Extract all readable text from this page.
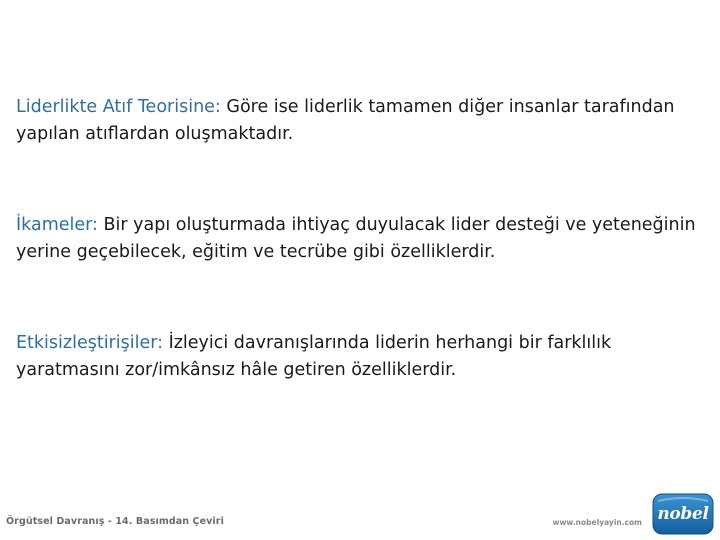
Liderlikte Atıf Teorisine: Göre ise liderlik tamamen diğer insanlar tarafından yapılan atıflardan oluşmaktadır.

İkameler: Bir yapı oluşturmada ihtiyaç duyulacak lider desteği ve yeteneğinin yerine geçebilecek, eğitim ve tecrübe gibi özelliklerdir.

Etkisizleştirişiler: İzleyici davranışlarında liderin herhangi bir farklılık yaratmasını zor/imkânsız hâle getiren özelliklerdir.

Örgütsel Davranış - 14. Basımdan Çeviri	www.nobelyayin.com nobel
